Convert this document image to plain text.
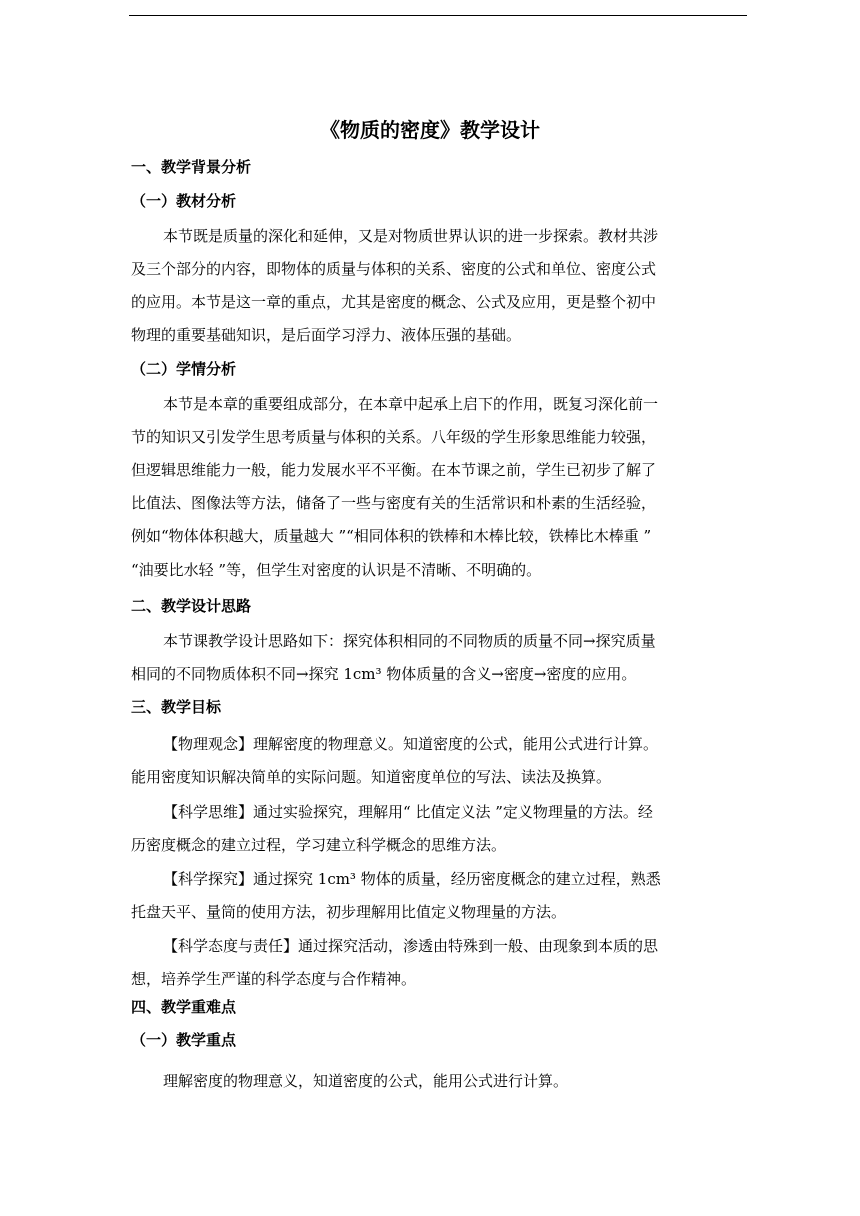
《物质的密度》教学设计
一、教学背景分析
（一）教材分析
本节既是质量的深化和延伸，又是对物质世界认识的进一步探索。教材共涉
及三个部分的内容，即物体的质量与体积的关系、密度的公式和单位、密度公式
的应用。本节是这一章的重点，尤其是密度的概念、公式及应用，更是整个初中
物理的重要基础知识，是后面学习浮力、液体压强的基础。
（二）学情分析
本节是本章的重要组成部分，在本章中起承上启下的作用，既复习深化前一
节的知识又引发学生思考质量与体积的关系。八年级的学生形象思维能力较强，
但逻辑思维能力一般，能力发展水平不平衡。在本节课之前，学生已初步了解了
比值法、图像法等方法，储备了一些与密度有关的生活常识和朴素的生活经验，
例如“物体体积越大，质量越大 ”“相同体积的铁棒和木棒比较，铁棒比木棒重 ”
“油要比水轻 ”等，但学生对密度的认识是不清晰、不明确的。
二、教学设计思路
本节课教学设计思路如下：探究体积相同的不同物质的质量不同→探究质量
相同的不同物质体积不同→探究 1cm³ 物体质量的含义→密度→密度的应用。
三、教学目标
【物理观念】理解密度的物理意义。知道密度的公式，能用公式进行计算。
能用密度知识解决简单的实际问题。知道密度单位的写法、读法及换算。
【科学思维】通过实验探究，理解用“ 比值定义法 ”定义物理量的方法。经
历密度概念的建立过程，学习建立科学概念的思维方法。
【科学探究】通过探究 1cm³ 物体的质量，经历密度概念的建立过程，熟悉
托盘天平、量筒的使用方法，初步理解用比值定义物理量的方法。
【科学态度与责任】通过探究活动，渗透由特殊到一般、由现象到本质的思
想，培养学生严谨的科学态度与合作精神。
四、教学重难点
（一）教学重点
理解密度的物理意义，知道密度的公式，能用公式进行计算。
